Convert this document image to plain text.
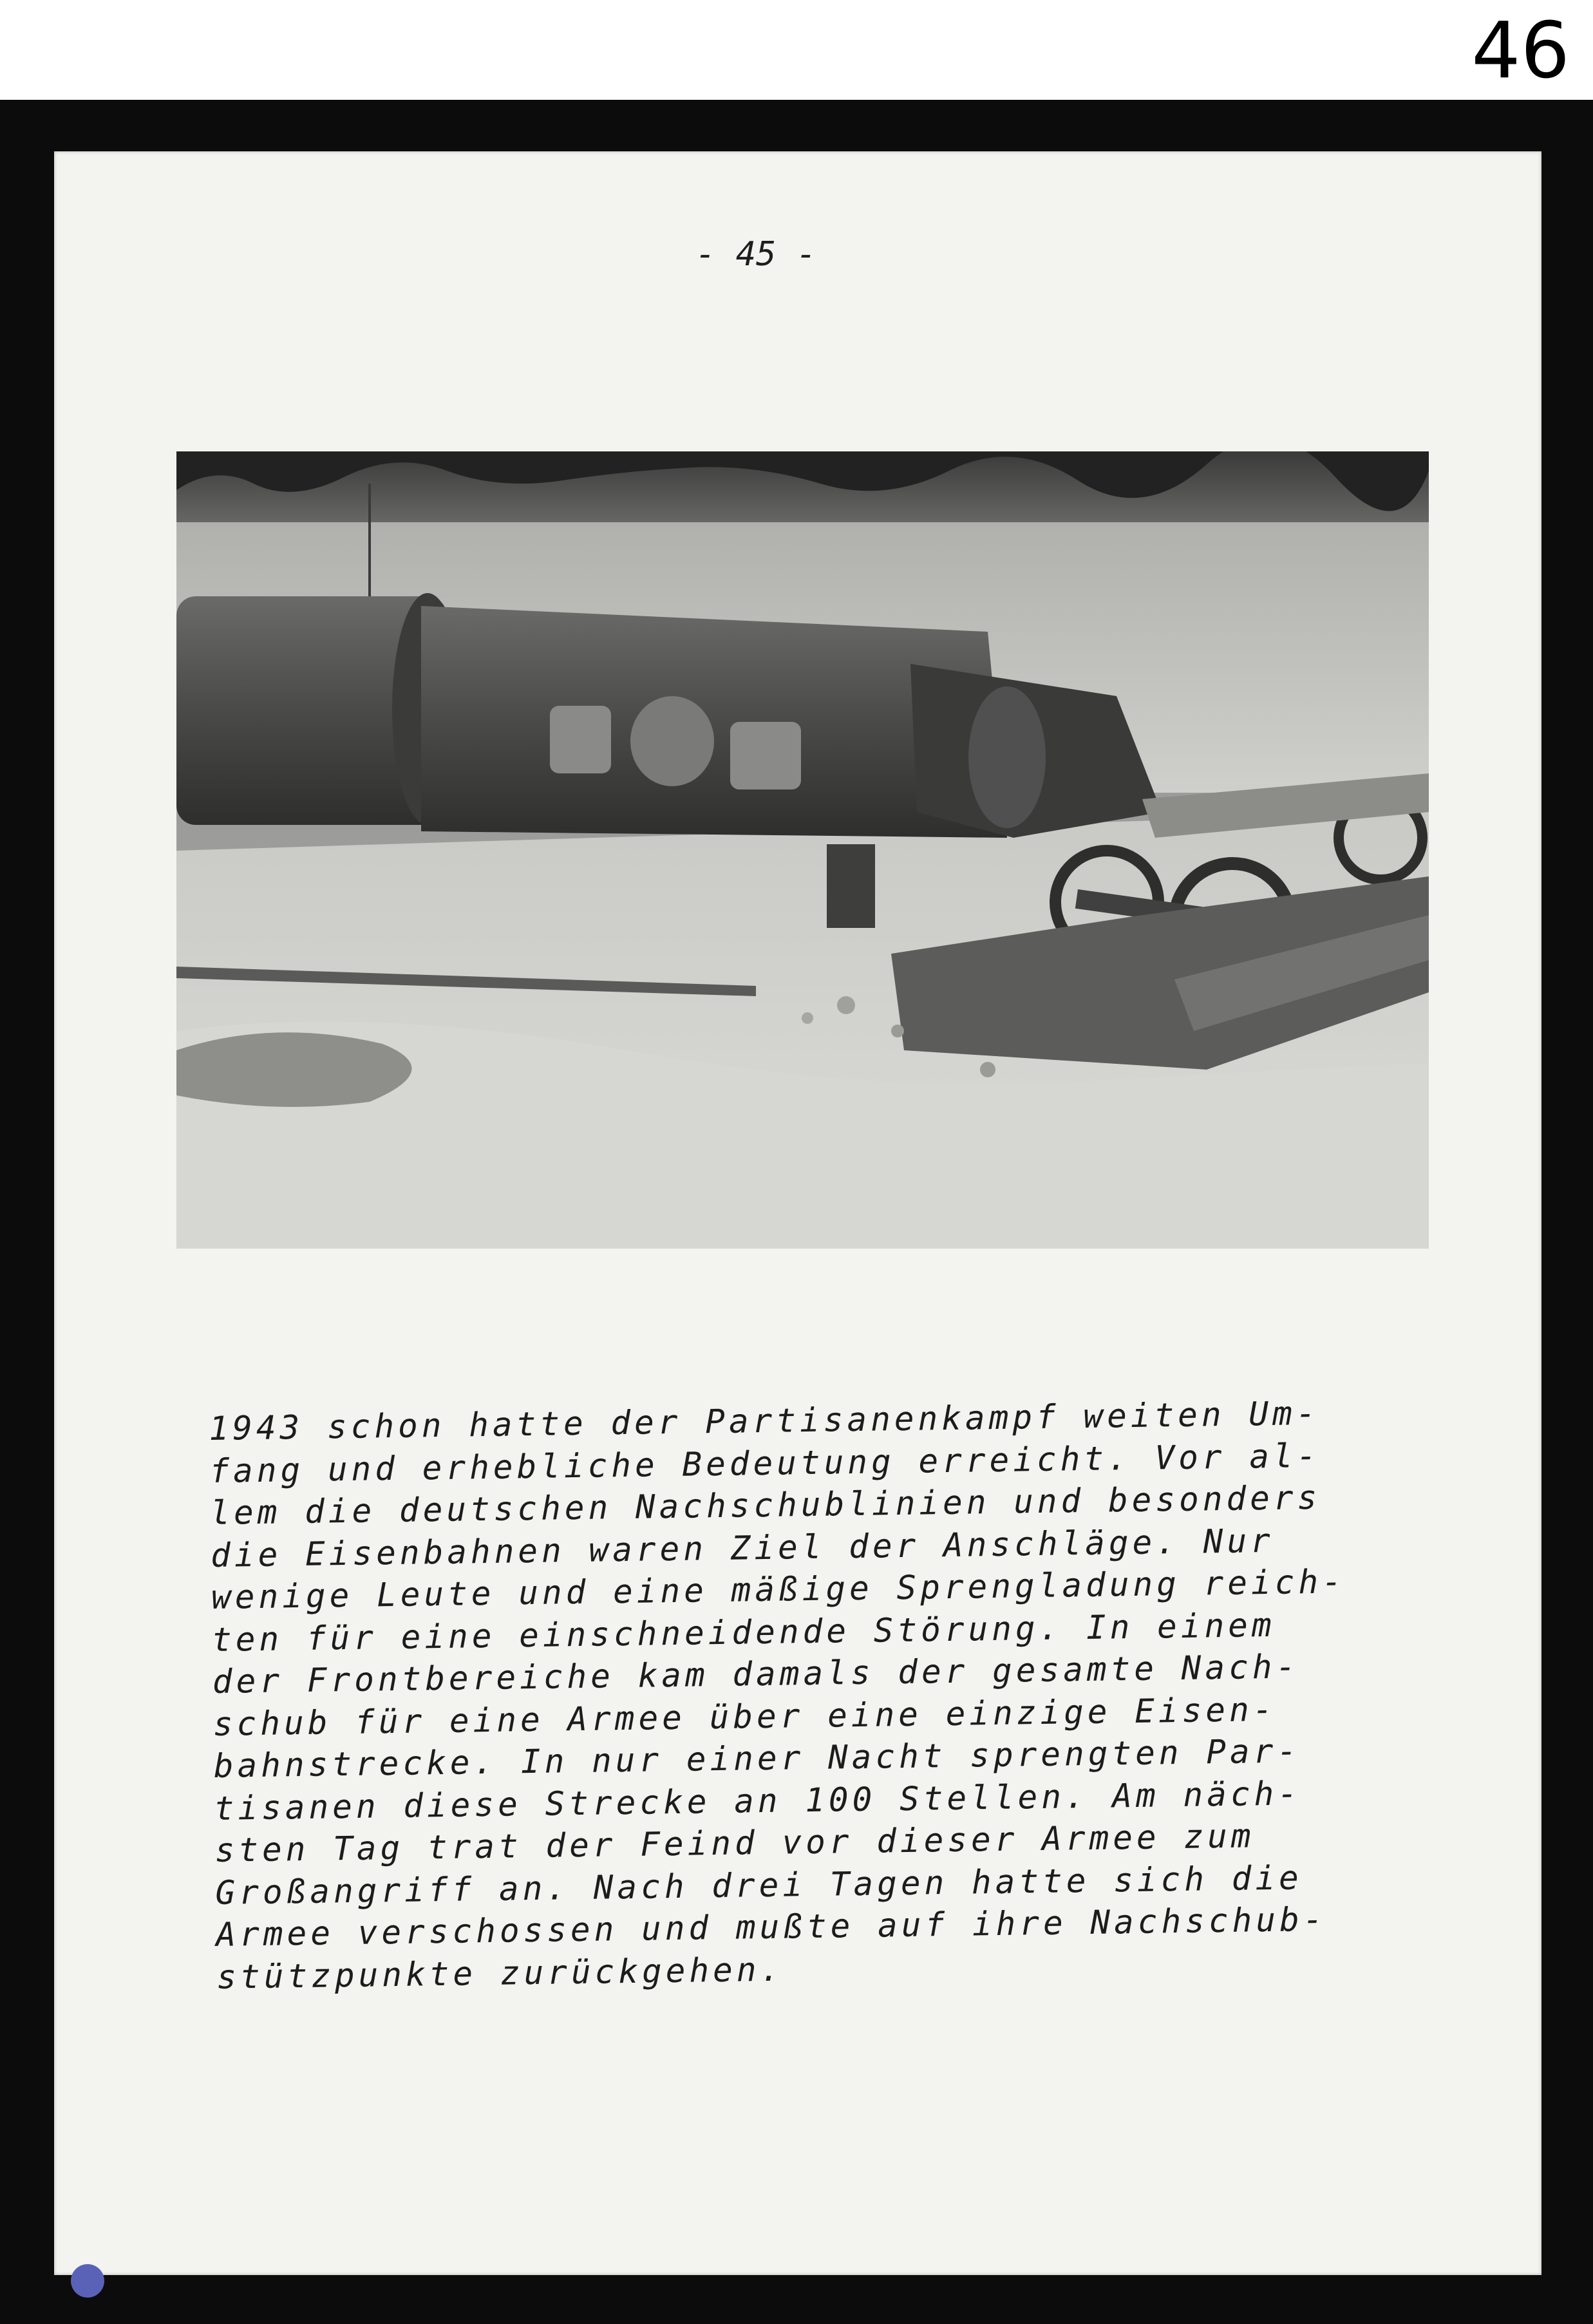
46
- 45 -
1943 schon hatte der Partisanenkampf weiten Um-
fang und erhebliche Bedeutung erreicht. Vor al-
lem die deutschen Nachschublinien und besonders
die Eisenbahnen waren Ziel der Anschläge. Nur
wenige Leute und eine mäßige Sprengladung reich-
ten für eine einschneidende Störung. In einem
der Frontbereiche kam damals der gesamte Nach-
schub für eine Armee über eine einzige Eisen-
bahnstrecke. In nur einer Nacht sprengten Par-
tisanen diese Strecke an 100 Stellen. Am näch-
sten Tag trat der Feind vor dieser Armee zum
Großangriff an. Nach drei Tagen hatte sich die
Armee verschossen und mußte auf ihre Nachschub-
stützpunkte zurückgehen.
